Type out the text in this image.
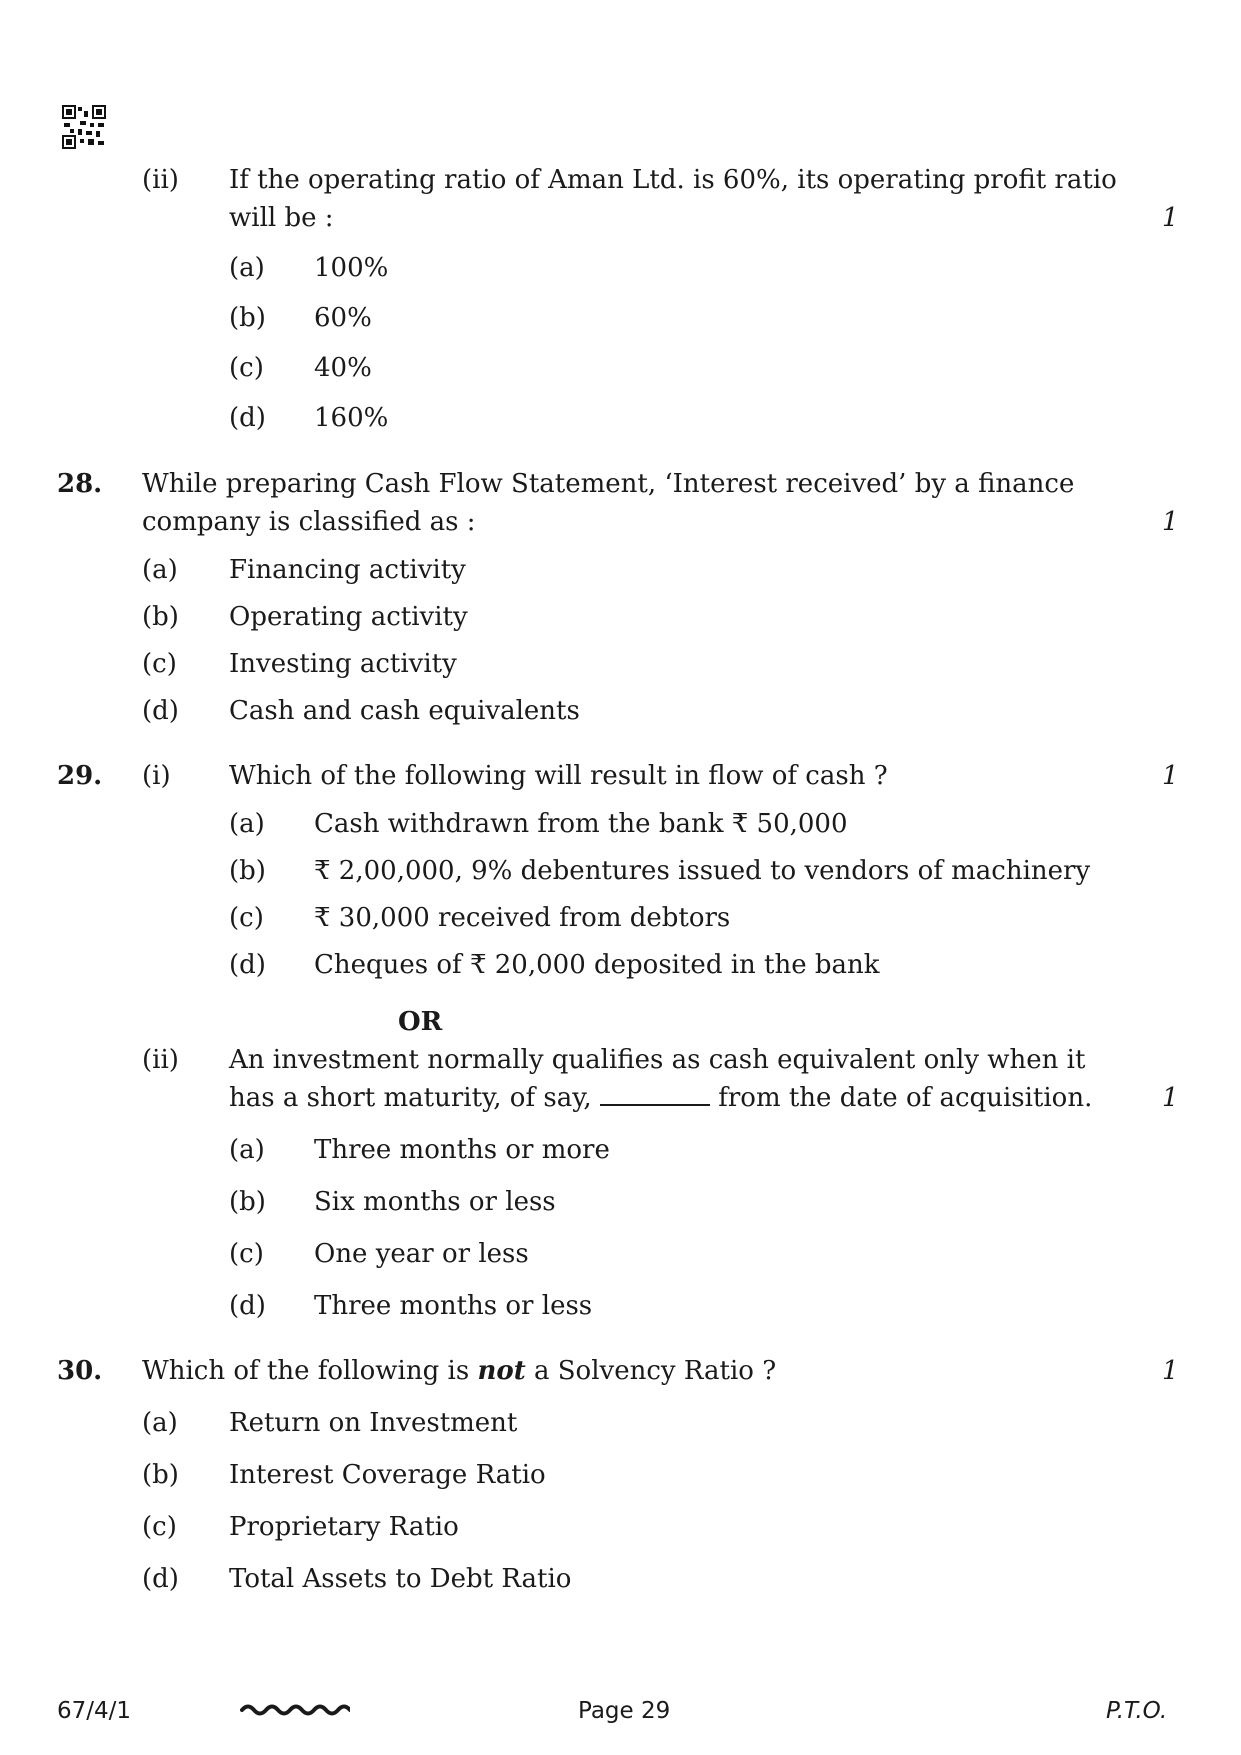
(ii) If the operating ratio of Aman Ltd. is 60%, its operating profit ratio
will be :	1
(a) 100%
(b) 60%
(c) 40%
(d) 160%
28. While preparing Cash Flow Statement, ‘Interest received’ by a finance
company is classified as :	1
(a) Financing activity
(b) Operating activity
(c) Investing activity
(d) Cash and cash equivalents
29. (i) Which of the following will result in flow of cash ?	1
(a) Cash withdrawn from the bank ₹ 50,000
(b) ₹ 2,00,000, 9% debentures issued to vendors of machinery
(c) ₹ 30,000 received from debtors
(d) Cheques of ₹ 20,000 deposited in the bank
OR
(ii) An investment normally qualifies as cash equivalent only when it
has a short maturity, of say,	from the date of acquisition.	1
(a) Three months or more
(b) Six months or less
(c) One year or less
(d) Three months or less
30. Which of the following is not a Solvency Ratio ?	1
(a) Return on Investment
(b) Interest Coverage Ratio
(c) Proprietary Ratio
(d) Total Assets to Debt Ratio
67/4/1	Page 29	P.T.O.
